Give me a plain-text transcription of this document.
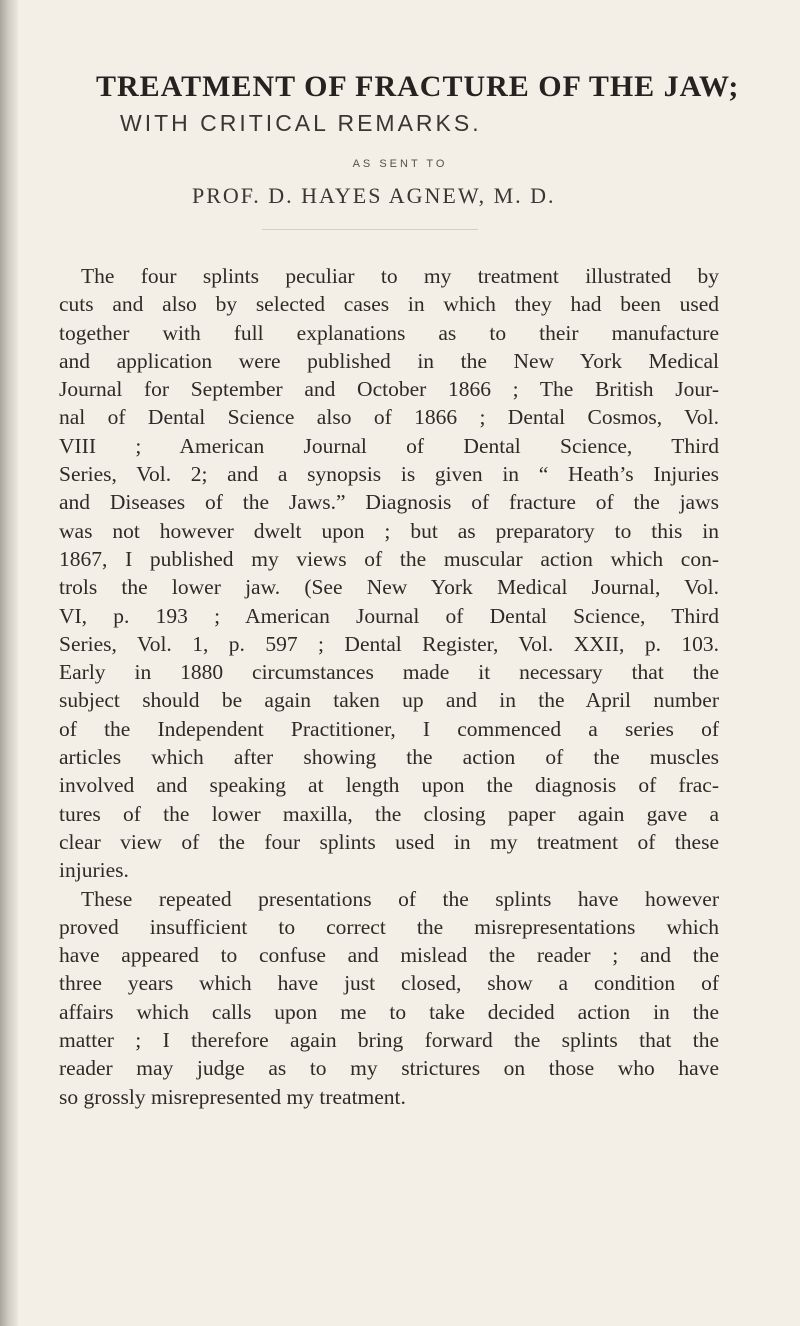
TREATMENT OF FRACTURE OF THE JAW;
WITH CRITICAL REMARKS.
AS SENT TO
PROF. D. HAYES AGNEW, M. D.
The four splints peculiar to my treatment illustrated by
cuts and also by selected cases in which they had been used
together with full explanations as to their manufacture
and application were published in the New York Medical
Journal for September and October 1866 ; The British Jour-
nal of Dental Science also of 1866 ; Dental Cosmos, Vol.
VIII ; American Journal of Dental Science, Third
Series, Vol. 2; and a synopsis is given in “ Heath’s Injuries
and Diseases of the Jaws.” Diagnosis of fracture of the jaws
was not however dwelt upon ; but as preparatory to this in
1867, I published my views of the muscular action which con-
trols the lower jaw. (See New York Medical Journal, Vol.
VI, p. 193 ; American Journal of Dental Science, Third
Series, Vol. 1, p. 597 ; Dental Register, Vol. XXII, p. 103.
Early in 1880 circumstances made it necessary that the
subject should be again taken up and in the April number
of the Independent Practitioner, I commenced a series of
articles which after showing the action of the muscles
involved and speaking at length upon the diagnosis of frac-
tures of the lower maxilla, the closing paper again gave a
clear view of the four splints used in my treatment of these
injuries.
These repeated presentations of the splints have however
proved insufficient to correct the misrepresentations which
have appeared to confuse and mislead the reader ; and the
three years which have just closed, show a condition of
affairs which calls upon me to take decided action in the
matter ; I therefore again bring forward the splints that the
reader may judge as to my strictures on those who have
so grossly misrepresented my treatment.
